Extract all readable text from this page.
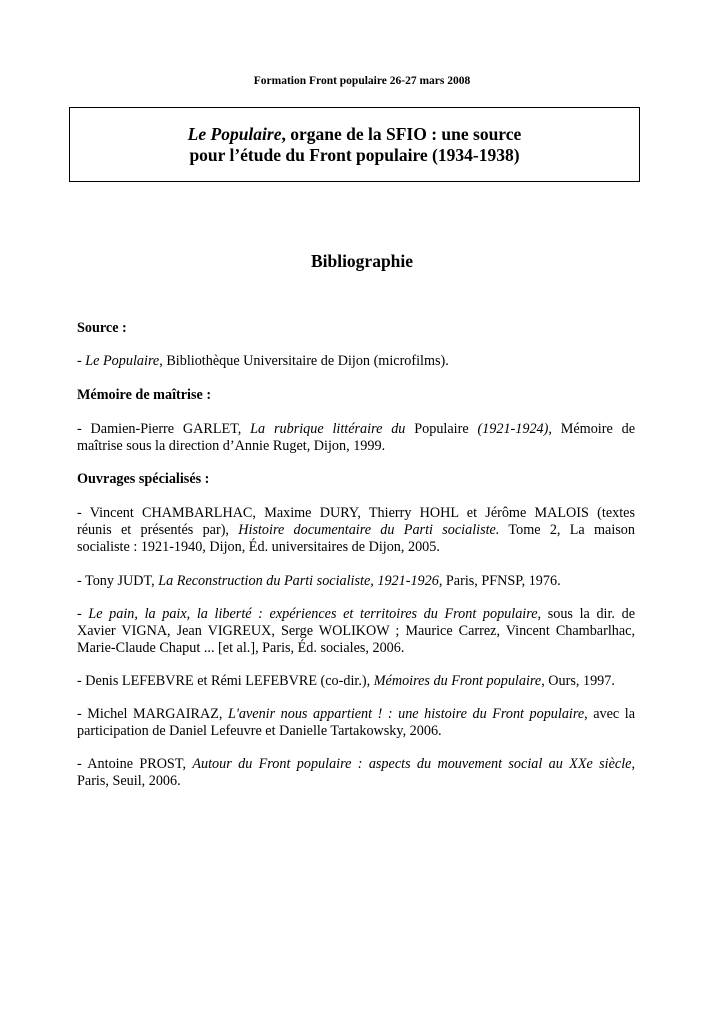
Formation Front populaire 26-27 mars 2008
Le Populaire, organe de la SFIO : une source
pour l’étude du Front populaire (1934-1938)
Bibliographie
Source :
- Le Populaire, Bibliothèque Universitaire de Dijon (microfilms).
Mémoire de maîtrise :
- Damien-Pierre GARLET, La rubrique littéraire du Populaire (1921-1924), Mémoire de
maîtrise sous la direction d’Annie Ruget, Dijon, 1999.
Ouvrages spécialisés :
- Vincent CHAMBARLHAC, Maxime DURY, Thierry HOHL et Jérôme MALOIS (textes
réunis et présentés par), Histoire documentaire du Parti socialiste. Tome 2, La maison
socialiste : 1921-1940, Dijon, Éd. universitaires de Dijon, 2005.
- Tony JUDT, La Reconstruction du Parti socialiste, 1921-1926, Paris, PFNSP, 1976.
- Le pain, la paix, la liberté : expériences et territoires du Front populaire, sous la dir. de
Xavier VIGNA, Jean VIGREUX, Serge WOLIKOW ; Maurice Carrez, Vincent Chambarlhac,
Marie-Claude Chaput ... [et al.], Paris, Éd. sociales, 2006.
- Denis LEFEBVRE et Rémi LEFEBVRE (co-dir.), Mémoires du Front populaire, Ours, 1997.
- Michel MARGAIRAZ, L'avenir nous appartient ! : une histoire du Front populaire, avec la
participation de Daniel Lefeuvre et Danielle Tartakowsky, 2006.
- Antoine PROST, Autour du Front populaire : aspects du mouvement social au XXe siècle,
Paris, Seuil, 2006.
